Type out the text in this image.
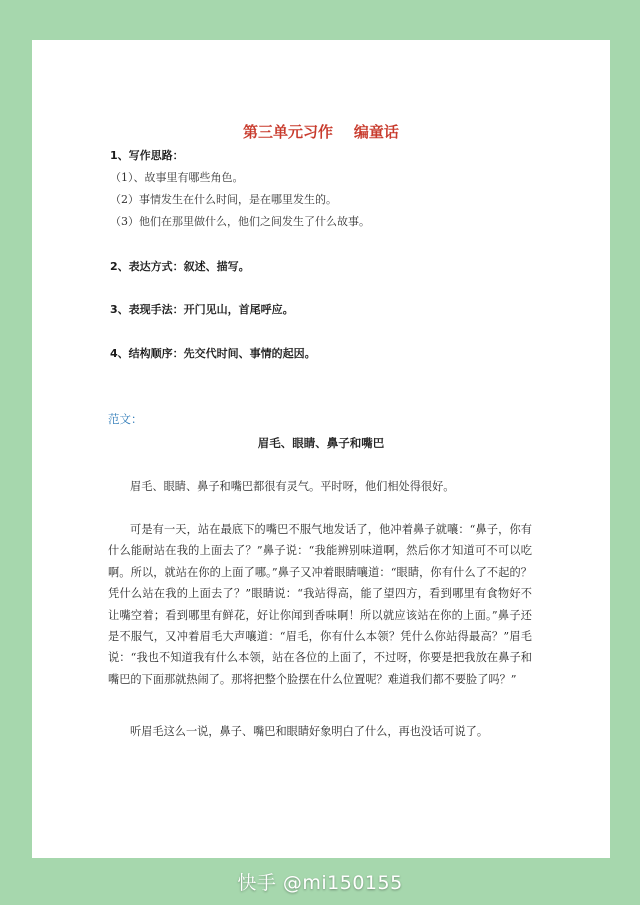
第三单元习作    编童话
1、写作思路：
（1）、故事里有哪些角色。
（2）事情发生在什么时间，是在哪里发生的。
（3）他们在那里做什么，他们之间发生了什么故事。
2、表达方式：叙述、描写。
3、表现手法：开门见山，首尾呼应。
4、结构顺序：先交代时间、事情的起因。
范文：
眉毛、眼睛、鼻子和嘴巴

眉毛、眼睛、鼻子和嘴巴都很有灵气。平时呀，他们相处得很好。

可是有一天，站在最底下的嘴巴不服气地发话了，他冲着鼻子就嚷：“鼻子，你有什么能耐站在我的上面去了？”鼻子说：“我能辨别味道啊，然后你才知道可不可以吃啊。所以，就站在你的上面了哪。”鼻子又冲着眼睛嚷道：“眼睛，你有什么了不起的？凭什么站在我的上面去了？”眼睛说：“我站得高，能了望四方，看到哪里有食物好不让嘴空着；看到哪里有鲜花，好让你闻到香味啊！所以就应该站在你的上面。”鼻子还是不服气，又冲着眉毛大声嚷道：“眉毛，你有什么本领？凭什么你站得最高？”眉毛说：“我也不知道我有什么本领，站在各位的上面了，不过呀，你要是把我放在鼻子和嘴巴的下面那就热闹了。那将把整个脸摆在什么位置呢？难道我们都不要脸了吗？”

听眉毛这么一说，鼻子、嘴巴和眼睛好象明白了什么，再也没话可说了。

快手 @mi150155
